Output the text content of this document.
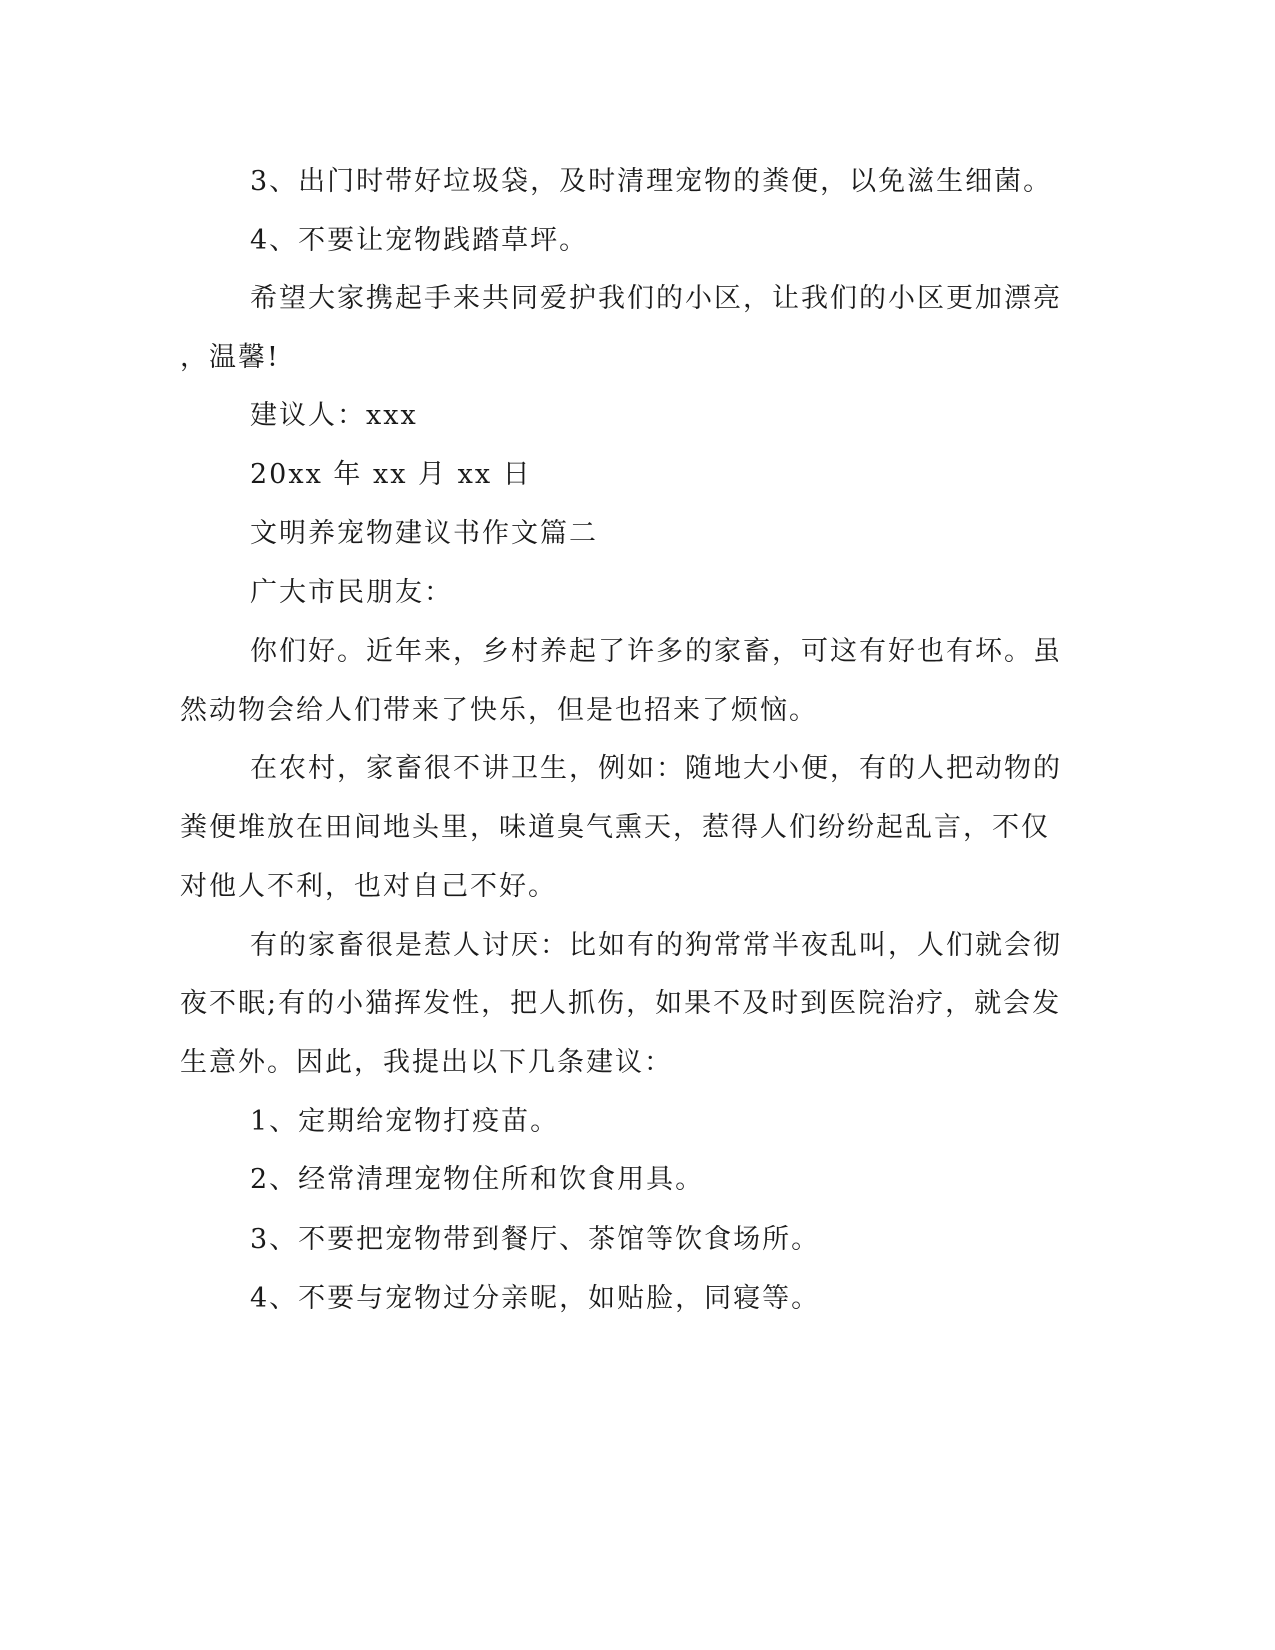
3、出门时带好垃圾袋，及时清理宠物的粪便，以免滋生细菌。
4、不要让宠物践踏草坪。
希望大家携起手来共同爱护我们的小区，让我们的小区更加漂亮
，温馨!
建议人：xxx
20xx 年 xx 月 xx 日
文明养宠物建议书作文篇二
广大市民朋友：
你们好。近年来，乡村养起了许多的家畜，可这有好也有坏。虽
然动物会给人们带来了快乐，但是也招来了烦恼。
在农村，家畜很不讲卫生，例如：随地大小便，有的人把动物的
粪便堆放在田间地头里，味道臭气熏天，惹得人们纷纷起乱言，不仅
对他人不利，也对自己不好。
有的家畜很是惹人讨厌：比如有的狗常常半夜乱叫，人们就会彻
夜不眠;有的小猫挥发性，把人抓伤，如果不及时到医院治疗，就会发
生意外。因此，我提出以下几条建议：
1、定期给宠物打疫苗。
2、经常清理宠物住所和饮食用具。
3、不要把宠物带到餐厅、茶馆等饮食场所。
4、不要与宠物过分亲昵，如贴脸，同寝等。
